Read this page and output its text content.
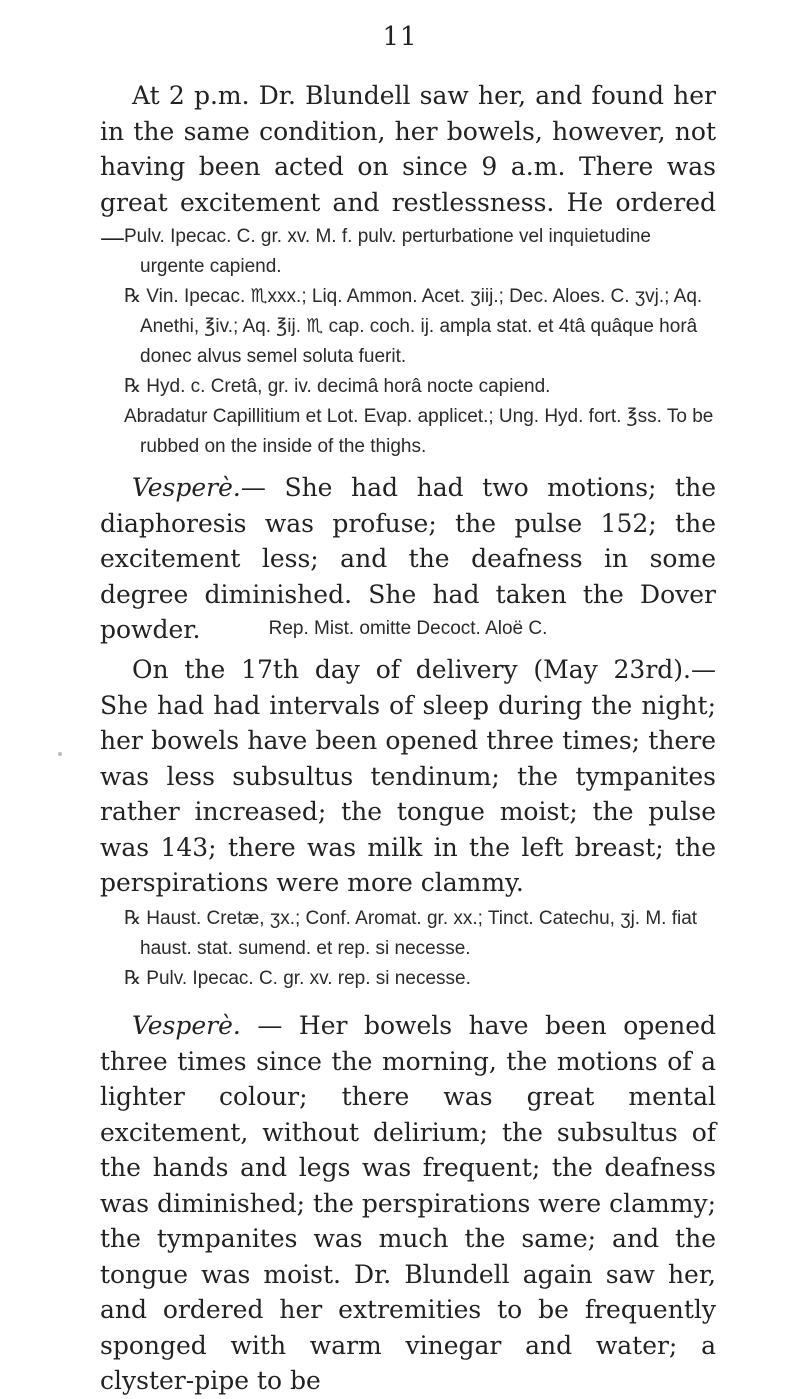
11

At 2 p.m. Dr. Blundell saw her, and found her in the same condition, her bowels, however, not having been acted on since 9 a.m. There was great excitement and restlessness. He ordered— Pulv. Ipecac. C. gr. xv. M. f. pulv. perturbatione vel inquietudine urgente capiend.

℞ Vin. Ipecac. ♏xxx.; Liq. Ammon. Acet. ʒiij.; Dec. Aloes. C. ʒvj.; Aq. Anethi, ℥iv.; Aq. ℥ij. ♏ cap. coch. ij. ampla stat. et 4tâ quâque horâ donec alvus semel soluta fuerit.

℞ Hyd. c. Cretâ, gr. iv. decimâ horâ nocte capiend.

Abradatur Capillitium et Lot. Evap. applicet.; Ung. Hyd. fort. ℥ss. To be rubbed on the inside of the thighs.

Vesperè.— She had had two motions; the diaphoresis was profuse; the pulse 152; the excitement less; and the deafness in some degree diminished. She had taken the Dover powder.	Rep. Mist. omitte Decoct. Aloë C.

On the 17th day of delivery (May 23rd).— She had had intervals of sleep during the night; her bowels have been opened three times; there was less subsultus tendinum; the tympanites rather increased; the tongue moist; the pulse was 143; there was milk in the left breast; the perspirations were more clammy.

℞ Haust. Cretæ, ʒx.; Conf. Aromat. gr. xx.; Tinct. Catechu, ʒj. M. fiat haust. stat. sumend. et rep. si necesse.

℞ Pulv. Ipecac. C. gr. xv. rep. si necesse.

Vesperè. — Her bowels have been opened three times since the morning, the motions of a lighter colour; there was great mental excitement, without delirium; the subsultus of the hands and legs was frequent; the deafness was diminished; the perspirations were clammy; the tympanites was much the same; and the tongue was moist. Dr. Blundell again saw her, and ordered her extremities to be frequently sponged with warm vinegar and water; a clyster-pipe to be
